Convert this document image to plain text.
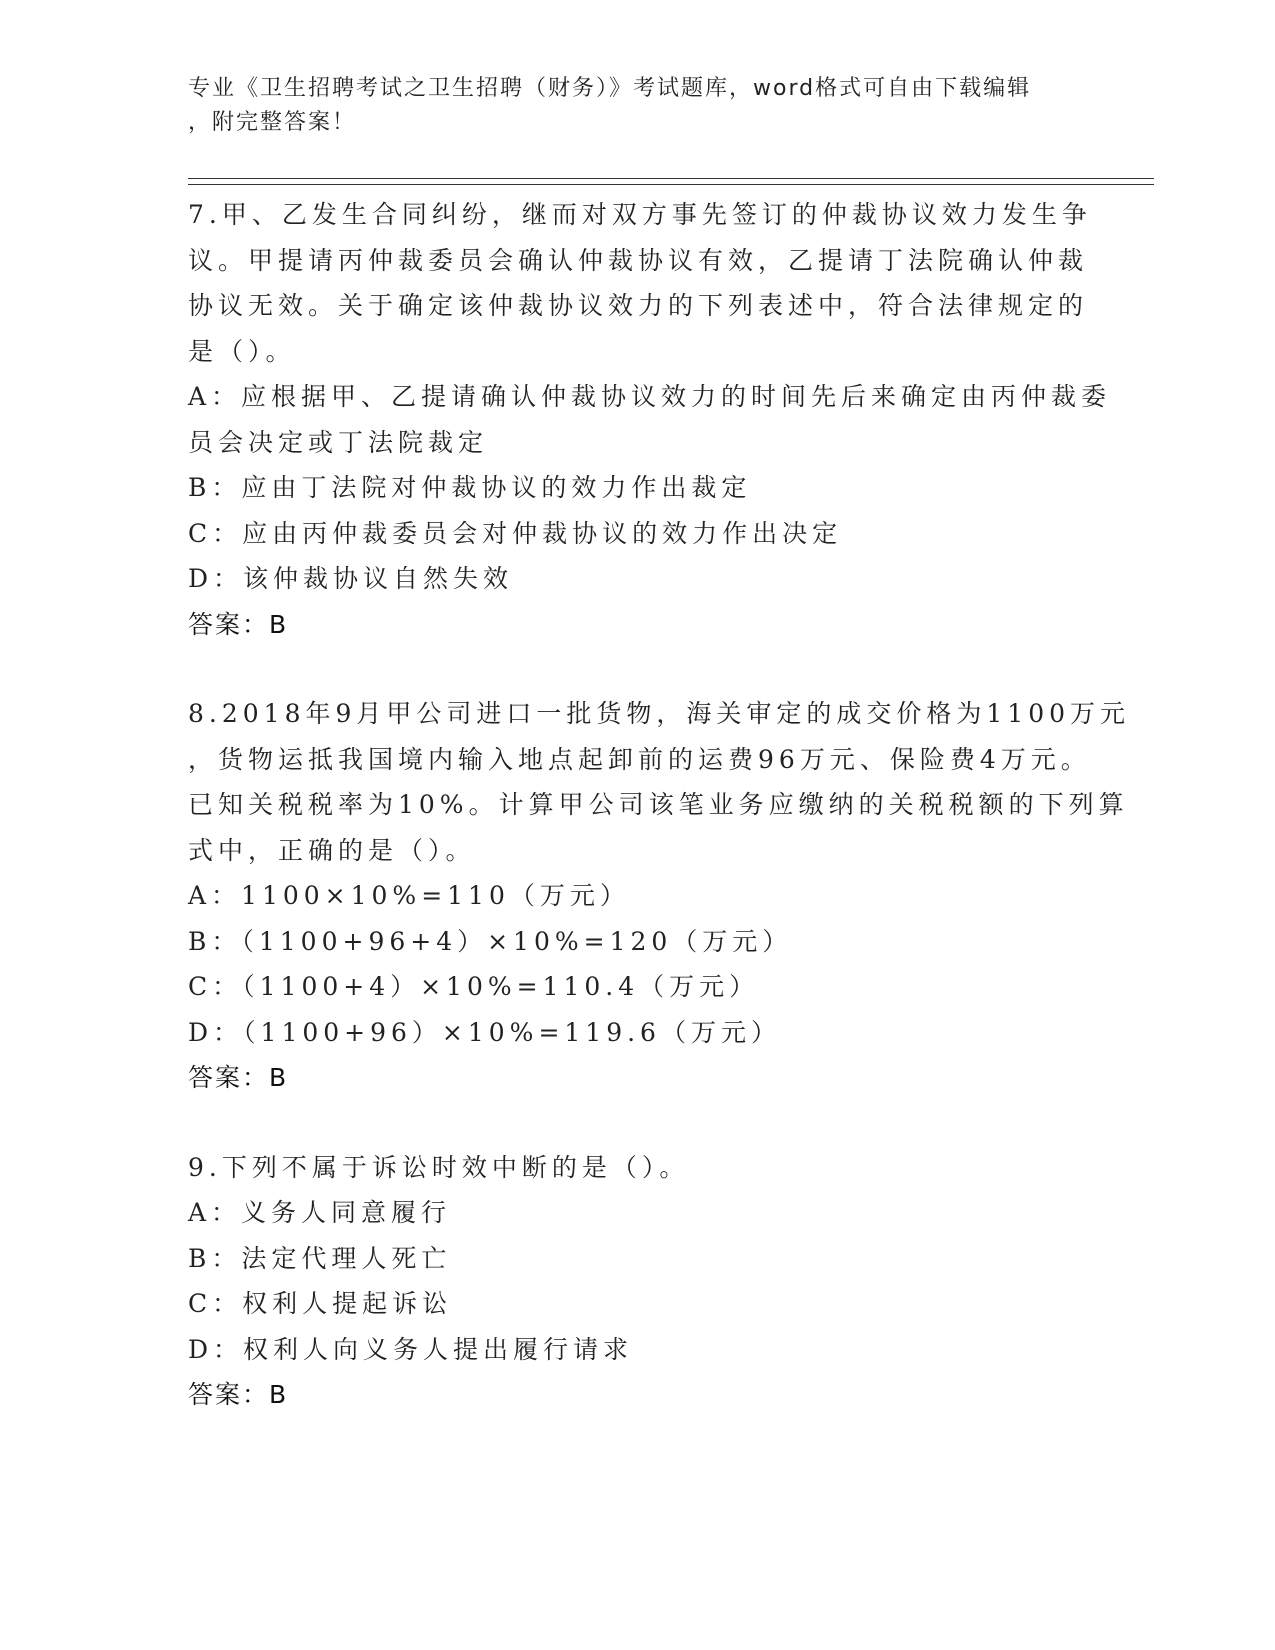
专业《卫生招聘考试之卫生招聘（财务）》考试题库，word格式可自由下载编辑
，附完整答案！
7.甲、乙发生合同纠纷，继而对双方事先签订的仲裁协议效力发生争
议。甲提请丙仲裁委员会确认仲裁协议有效，乙提请丁法院确认仲裁
协议无效。关于确定该仲裁协议效力的下列表述中，符合法律规定的
是（）。
A：应根据甲、乙提请确认仲裁协议效力的时间先后来确定由丙仲裁委
员会决定或丁法院裁定
B：应由丁法院对仲裁协议的效力作出裁定
C：应由丙仲裁委员会对仲裁协议的效力作出决定
D：该仲裁协议自然失效
答案：B
8.2018年9月甲公司进口一批货物，海关审定的成交价格为1100万元
，货物运抵我国境内输入地点起卸前的运费96万元、保险费4万元。
已知关税税率为10%。计算甲公司该笔业务应缴纳的关税税额的下列算
式中，正确的是（）。
A：1100×10%=110（万元）
B：（1100+96+4）×10%=120（万元）
C：（1100+4）×10%=110.4（万元）
D：（1100+96）×10%=119.6（万元）
答案：B
9.下列不属于诉讼时效中断的是（）。
A：义务人同意履行
B：法定代理人死亡
C：权利人提起诉讼
D：权利人向义务人提出履行请求
答案：B
